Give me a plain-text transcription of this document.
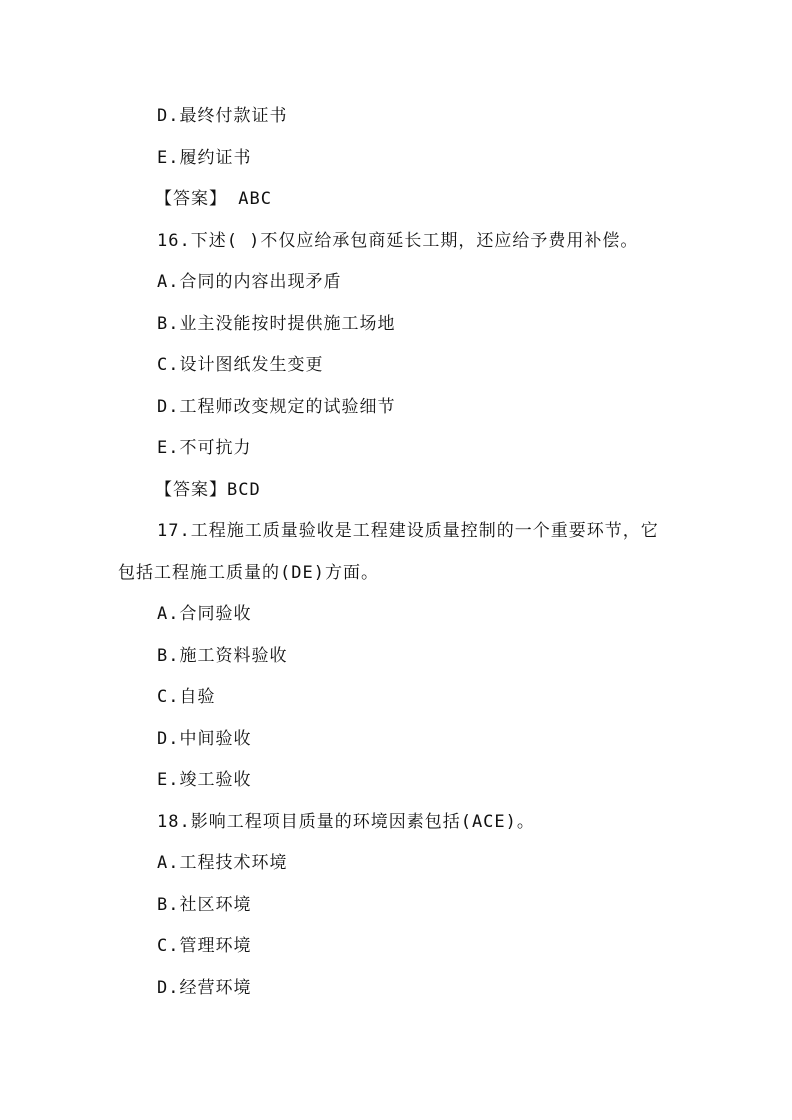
D.最终付款证书
E.履约证书
【答案】 ABC
16.下述( )不仅应给承包商延长工期，还应给予费用补偿。
A.合同的内容出现矛盾
B.业主没能按时提供施工场地
C.设计图纸发生变更
D.工程师改变规定的试验细节
E.不可抗力
【答案】BCD
17.工程施工质量验收是工程建设质量控制的一个重要环节，它
包括工程施工质量的(DE)方面。
A.合同验收
B.施工资料验收
C.自验
D.中间验收
E.竣工验收
18.影响工程项目质量的环境因素包括(ACE)。
A.工程技术环境
B.社区环境
C.管理环境
D.经营环境
